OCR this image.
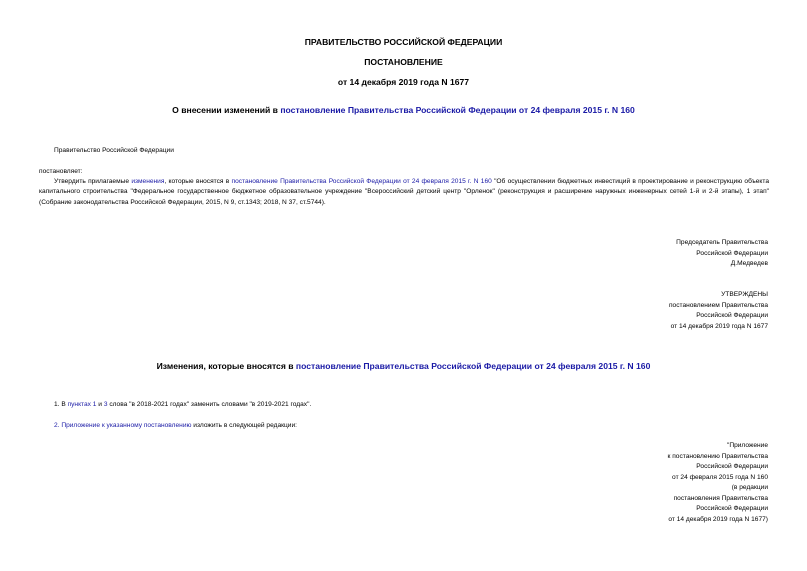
ПРАВИТЕЛЬСТВО РОССИЙСКОЙ ФЕДЕРАЦИИ
ПОСТАНОВЛЕНИЕ
от 14 декабря 2019 года N 1677
О внесении изменений в постановление Правительства Российской Федерации от 24 февраля 2015 г. N 160
Правительство Российской Федерации
постановляет:
Утвердить прилагаемые изменения, которые вносятся в постановление Правительства Российской Федерации от 24 февраля 2015 г. N 160 "Об осуществлении бюджетных инвестиций в проектирование и реконструкцию объекта капитального строительства "Федеральное государственное бюджетное образовательное учреждение "Всероссийский детский центр "Орленок" (реконструкция и расширение наружных инженерных сетей 1-й и 2-й этапы), 1 этап" (Собрание законодательства Российской Федерации, 2015, N 9, ст.1343; 2018, N 37, ст.5744).
Председатель Правительства
Российской Федерации
Д.Медведев
УТВЕРЖДЕНЫ
постановлением Правительства
Российской Федерации
от 14 декабря 2019 года N 1677
Изменения, которые вносятся в постановление Правительства Российской Федерации от 24 февраля 2015 г. N 160
1. В пунктах 1 и 3 слова "в 2018-2021 годах" заменить словами "в 2019-2021 годах".
2. Приложение к указанному постановлению изложить в следующей редакции:
"Приложение
к постановлению Правительства
Российской Федерации
от 24 февраля 2015 года N 160
(в редакции
постановления Правительства
Российской Федерации
от 14 декабря 2019 года N 1677)
